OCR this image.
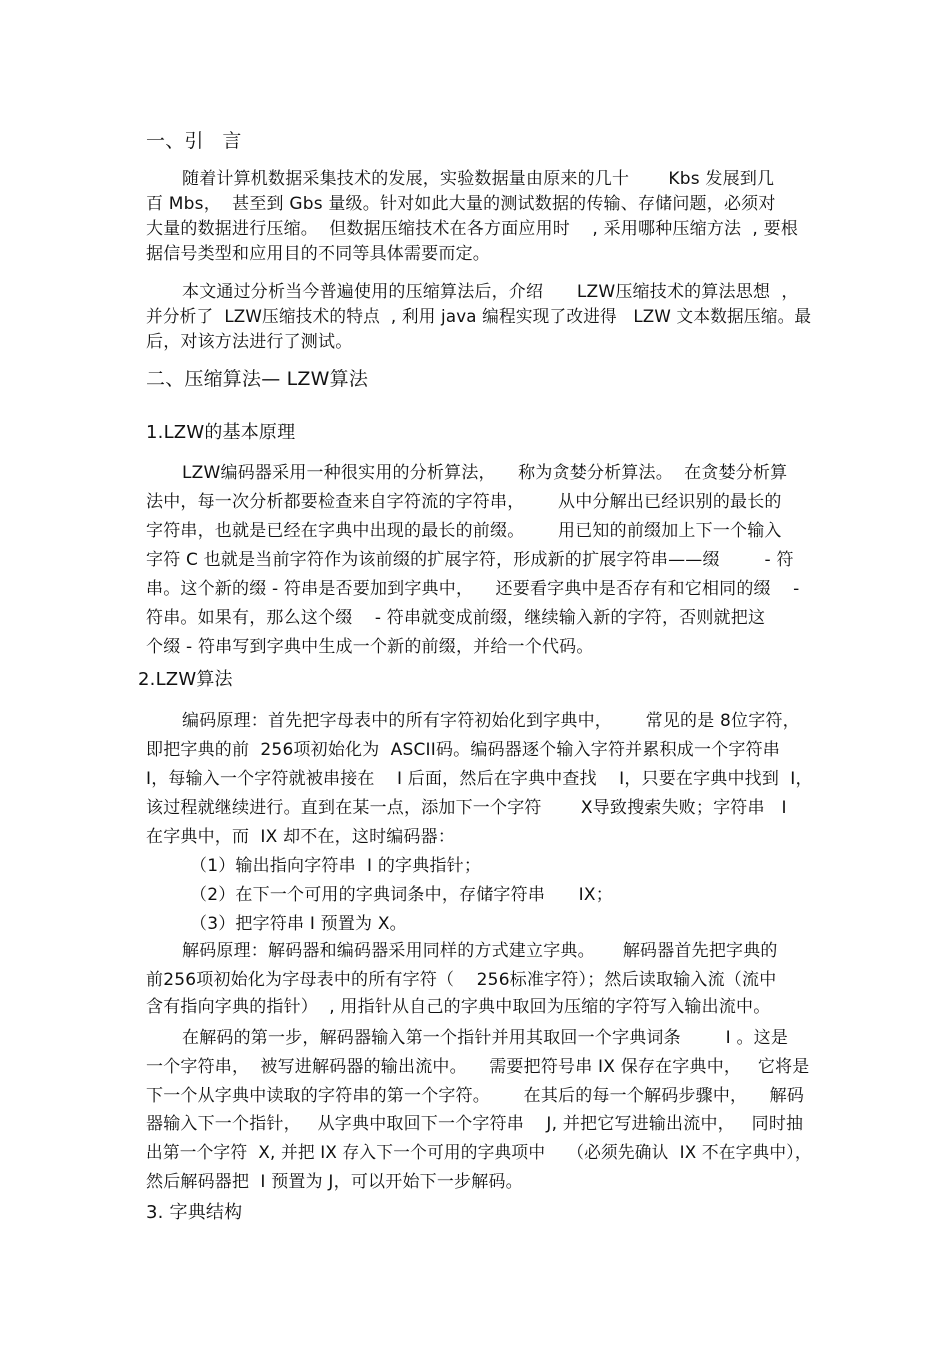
一、引   言
随着计算机数据采集技术的发展，实验数据量由原来的几十       Kbs 发展到几
百 Mbs，  甚至到 Gbs 量级。针对如此大量的测试数据的传输、存储问题，必须对
大量的数据进行压缩。  但数据压缩技术在各方面应用时    , 采用哪种压缩方法  , 要根
据信号类型和应用目的不同等具体需要而定。
本文通过分析当今普遍使用的压缩算法后，介绍      LZW压缩技术的算法思想  ，
并分析了  LZW压缩技术的特点  , 利用 java 编程实现了改进得   LZW 文本数据压缩。最
后，对该方法进行了测试。
二、压缩算法— LZW算法
1.LZW的基本原理
LZW编码器采用一种很实用的分析算法，    称为贪婪分析算法。  在贪婪分析算
法中，每一次分析都要检查来自字符流的字符串，      从中分解出已经识别的最长的
字符串，也就是已经在字典中出现的最长的前缀。      用已知的前缀加上下一个输入
字符 C 也就是当前字符作为该前缀的扩展字符，形成新的扩展字符串——缀        - 符
串。这个新的缀 - 符串是否要加到字典中，    还要看字典中是否存有和它相同的缀    -
符串。如果有，那么这个缀    - 符串就变成前缀，继续输入新的字符，否则就把这
个缀 - 符串写到字典中生成一个新的前缀，并给一个代码。
2.LZW算法
编码原理：首先把字母表中的所有字符初始化到字典中，      常见的是 8位字符，
即把字典的前  256项初始化为  ASCII码。编码器逐个输入字符并累积成一个字符串
I，每输入一个字符就被串接在    I 后面，然后在字典中查找    I，只要在字典中找到  I，
该过程就继续进行。直到在某一点，添加下一个字符       X导致搜索失败；字符串   I
在字典中，而  IX 却不在，这时编码器：
（1）输出指向字符串  I 的字典指针；
（2）在下一个可用的字典词条中，存储字符串      IX；
（3）把字符串 I 预置为 X。
解码原理：解码器和编码器采用同样的方式建立字典。     解码器首先把字典的
前256项初始化为字母表中的所有字符（    256标准字符）；然后读取输入流（流中
含有指向字典的指针）  , 用指针从自己的字典中取回为压缩的字符写入输出流中。
在解码的第一步，解码器输入第一个指针并用其取回一个字典词条        I 。这是
一个字符串，  被写进解码器的输出流中。    需要把符号串 IX 保存在字典中，   它将是
下一个从字典中读取的字符串的第一个字符。      在其后的每一个解码步骤中，    解码
器输入下一个指针，   从字典中取回下一个字符串    J, 并把它写进输出流中，   同时抽
出第一个字符  X, 并把 IX 存入下一个可用的字典项中    （必须先确认  IX 不在字典中），
然后解码器把  I 预置为 J，可以开始下一步解码。
3. 字典结构
